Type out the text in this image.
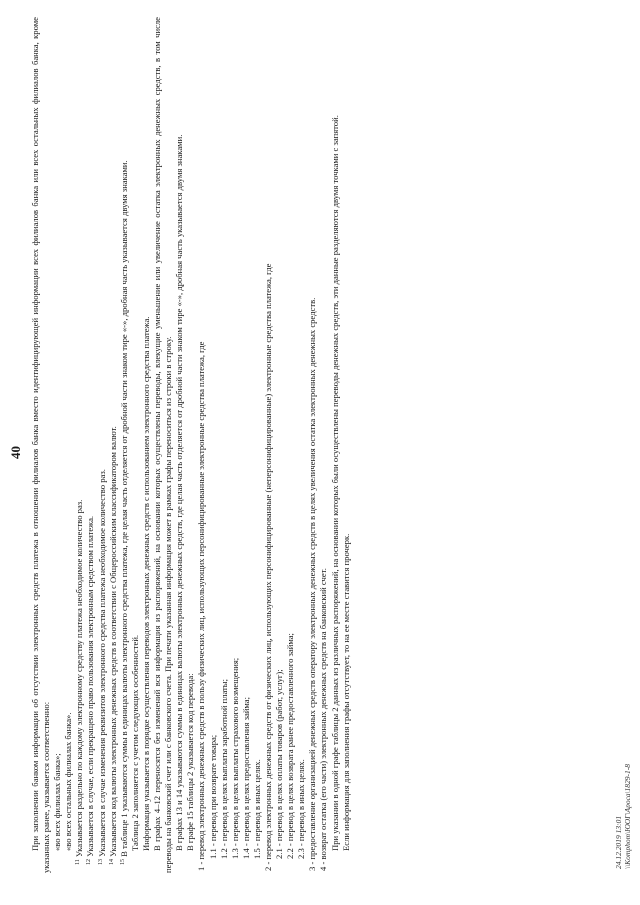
40 При заполнении банком информации об отсутствии электронных средств платежа в отношении филиалов банка вместо идентифицирующей информации всех филиалов банка или всех остальных филиалов банка, кроме указанных ранее, указывается соответственно: «во всех филиалах банка»; «во всех остальных филиалах банка».

$^{11}$ Указывается раздельно по каждому электронному средству платежа необходимое количество раз.

$^{12}$ Указывается в случае, если прекращено право пользования электронным средством платежа.

$^{13}$ Указывается в случае изменения реквизитов электронного средства платежа необходимое количество раз.

$^{14}$ Указывается код валюты электронных денежных средств в соответствии с Общероссийским классификатором валют.

$^{15}$ В таблице 1 указываются суммы в единицах валюты электронного средства платежа, где целая часть отделяется от дробной части знаком тире «-», дробная часть указывается двумя знаками. Таблица 2 заполняется с учетом следующих особенностей. Информация указывается в порядке осуществления переводов электронных денежных средств с использованием электронного средства платежа. В графах 4–12 переносятся без изменений вся информация из распоряжений, на основании которых осуществлены переводы, влекущие уменьшение или увеличение остатка электронных денежных средств, в том числе переводы на банковский счет или с банковского счета. При печати указанная информация может в рамках графы переноситься из строки в строку. В графах 13 и 14 указываются суммы в единицах валюты электронных денежных средств, где целая часть отделяется от дробной части знаком тире «-», дробная часть указывается двумя знаками. В графе 15 таблицы 2 указывается код перевода: 1 - перевод электронных денежных средств в пользу физических лиц, использующих персонифицированные электронные средства платежа, где 1.1 - перевод при возврате товара; 1.2 - перевод в целях выплаты заработной платы; 1.3 - перевод в целях выплаты страхового возмещения; 1.4 - перевод в целях предоставления займа; 1.5 - перевод в иных целях. 2 - перевод электронных денежных средств от физических лиц, использующих персонифицированные (неперсонифицированные) электронные средства платежа, где 2.1 - перевод в целях оплаты товаров (работ, услуг); 2.2 - перевод в целях возврата ранее предоставленного займа; 2.3 - перевод в иных целях. 3 - предоставление организацией денежных средств оператору электронных денежных средств в целях увеличения остатка электронных денежных средств. 4 - возврат остатка (его части) электронных денежных средств на банковский счет. При указании в одной графе таблицы 2 данных из различных распоряжений, на основании которых были осуществлены переводы денежных средств, эти данные разделяются двумя точками с запятой. Если информация для заполнения графы отсутствует, то на ее месте ставится прочерк.	24.12.2019 13:01 \\Komphom\ЮОГ\Ароса\1829-1-8
